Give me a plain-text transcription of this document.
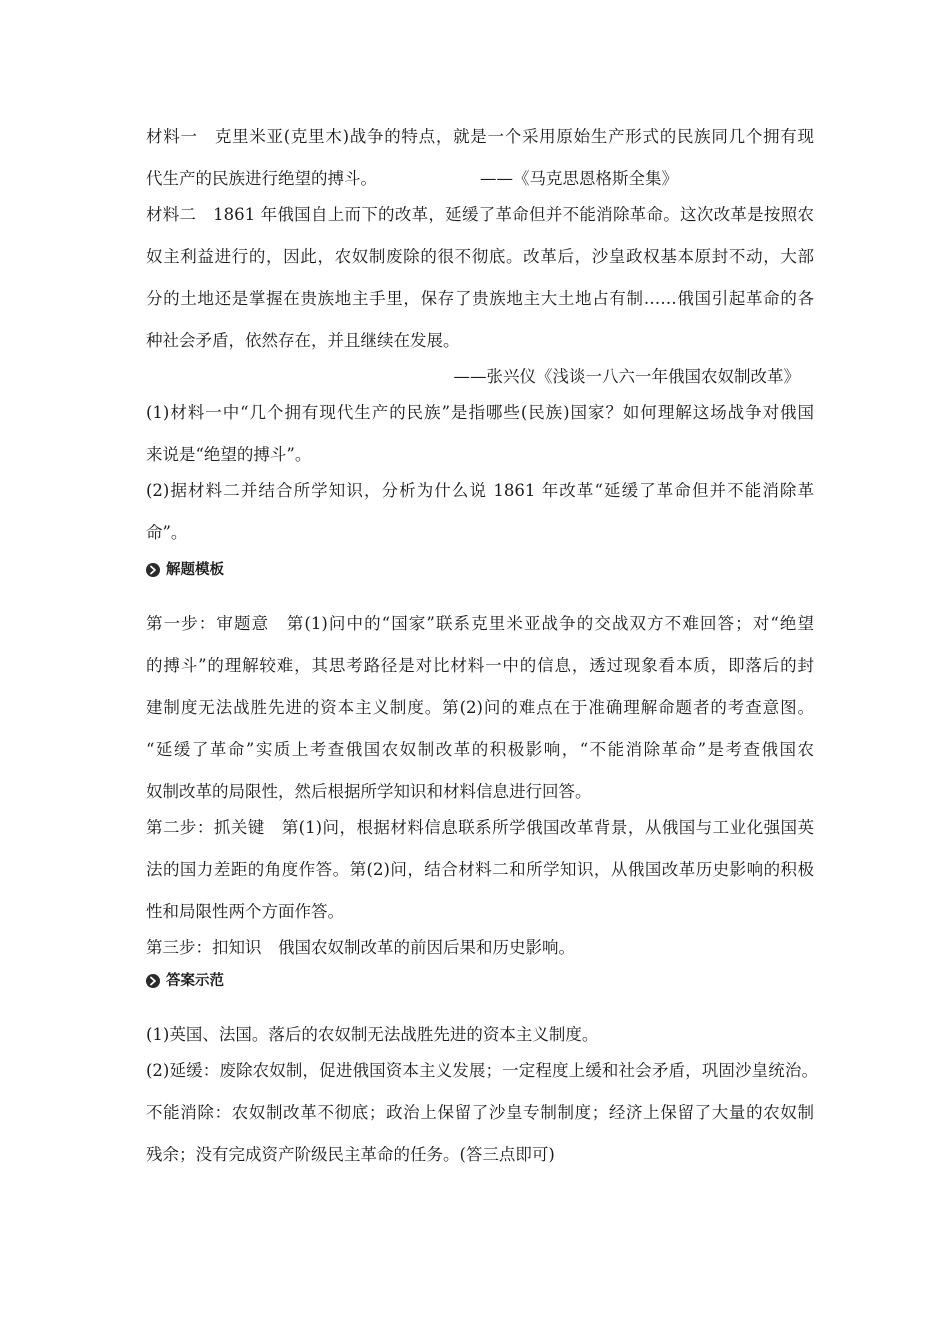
材料一　克里米亚(克里木)战争的特点，就是一个采用原始生产形式的民族同几个拥有现
代生产的民族进行绝望的搏斗。	——《马克思恩格斯全集》
材料二　1861 年俄国自上而下的改革，延缓了革命但并不能消除革命。这次改革是按照农
奴主利益进行的，因此，农奴制废除的很不彻底。改革后，沙皇政权基本原封不动，大部
分的土地还是掌握在贵族地主手里，保存了贵族地主大土地占有制……俄国引起革命的各
种社会矛盾，依然存在，并且继续在发展。
——张兴仪《浅谈一八六一年俄国农奴制改革》
(1)材料一中“几个拥有现代生产的民族”是指哪些(民族)国家？如何理解这场战争对俄国
来说是“绝望的搏斗”。
(2)据材料二并结合所学知识，分析为什么说 1861 年改革“延缓了革命但并不能消除革
命”。
解题模板
第一步：审题意　第(1)问中的“国家”联系克里米亚战争的交战双方不难回答；对“绝望
的搏斗”的理解较难，其思考路径是对比材料一中的信息，透过现象看本质，即落后的封
建制度无法战胜先进的资本主义制度。第(2)问的难点在于准确理解命题者的考查意图。
“延缓了革命”实质上考查俄国农奴制改革的积极影响，“不能消除革命”是考查俄国农
奴制改革的局限性，然后根据所学知识和材料信息进行回答。
第二步：抓关键　第(1)问，根据材料信息联系所学俄国改革背景，从俄国与工业化强国英
法的国力差距的角度作答。第(2)问，结合材料二和所学知识，从俄国改革历史影响的积极
性和局限性两个方面作答。
第三步：扣知识　俄国农奴制改革的前因后果和历史影响。
答案示范
(1)英国、法国。落后的农奴制无法战胜先进的资本主义制度。
(2)延缓：废除农奴制，促进俄国资本主义发展；一定程度上缓和社会矛盾，巩固沙皇统治。
不能消除：农奴制改革不彻底；政治上保留了沙皇专制制度；经济上保留了大量的农奴制
残余；没有完成资产阶级民主革命的任务。(答三点即可)
